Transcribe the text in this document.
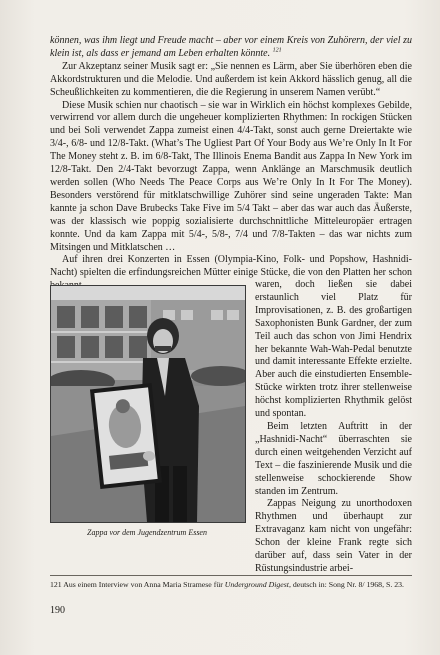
können, was ihm liegt und Freude macht – aber vor einem Kreis von Zuhörern, der viel zu klein ist, als dass er jemand am Leben erhalten könnte. $^{121}$

Zur Akzeptanz seiner Musik sagt er: „Sie nennen es Lärm, aber Sie überhören eben die Akkordstrukturen und die Melodie. Und außerdem ist kein Akkord hässlich genug, all die Scheußlichkeiten zu kommentieren, die die Regierung in unserem Namen verübt.“

Diese Musik schien nur chaotisch – sie war in Wirklich ein höchst komplexes Gebilde, verwirrend vor allem durch die ungeheuer komplizierten Rhythmen: In rockigen Stücken und bei Soli verwendet Zappa zumeist einen 4/4-Takt, sonst auch gerne Dreiertakte wie 3/4-, 6/8- und 12/8-Takt. (What’s The Ugliest Part Of Your Body aus We’re Only In It For The Money steht z. B. im 6/8-Takt, The Illinois Enema Bandit aus Zappa In New York im 12/8-Takt. Den 2/4-Takt bevorzugt Zappa, wenn Anklänge an Marschmusik deutlich werden sollen (Who Needs The Peace Corps aus We’re Only In It For The Money). Besonders verstörend für mitklatschwillige Zuhörer sind seine ungeraden Takte: Man kannte ja schon Dave Brubecks Take Five im 5/4 Takt – aber das war auch das Äußerste, was der klassisch wie poppig sozialisierte durchschnittliche Mitteleuropäer ertragen konnte. Und da kam Zappa mit 5/4-, 5/8-, 7/4 und 7/8-Takten – das war nichts zum Mitsingen und Mitklatschen …

Auf ihren drei Konzerten in Essen (Olympia-Kino, Folk- und Popshow, Hashnidi-Nacht) spielten die erfindungsreichen Mütter einige Stücke, die von den Platten her schon

Zappa vor dem Jugendzentrum Essen

waren, doch ließen sie dabei erstaunlich viel Platz für Improvisationen, z. B. des großartigen Saxophonisten Bunk Gardner, der zum Teil auch das schon von Jimi Hendrix her bekannte Wah-Wah-Pedal benutzte und damit interessante Effekte erzielte. Aber auch die einstudierten Ensemble-Stücke wirkten trotz ihrer stellenweise höchst komplizierten Rhythmik gelöst und spontan.

Beim letzten Auftritt in der „Hashnidi-Nacht“ überraschten sie durch einen weitgehenden Verzicht auf Text – die faszinierende Musik und die stellenweise schockierende Show standen im Zentrum.

Zappas Neigung zu unorthodoxen Rhythmen und überhaupt zur Extravaganz kam nicht von ungefähr: Schon der kleine Frank regte sich darüber auf, dass sein Vater in der Rüstungsindustrie arbei-

121 Aus einem Interview von Anna Maria Stramese für Underground Digest, deutsch in: Song Nr. 8/ 1968, S. 23.
190
